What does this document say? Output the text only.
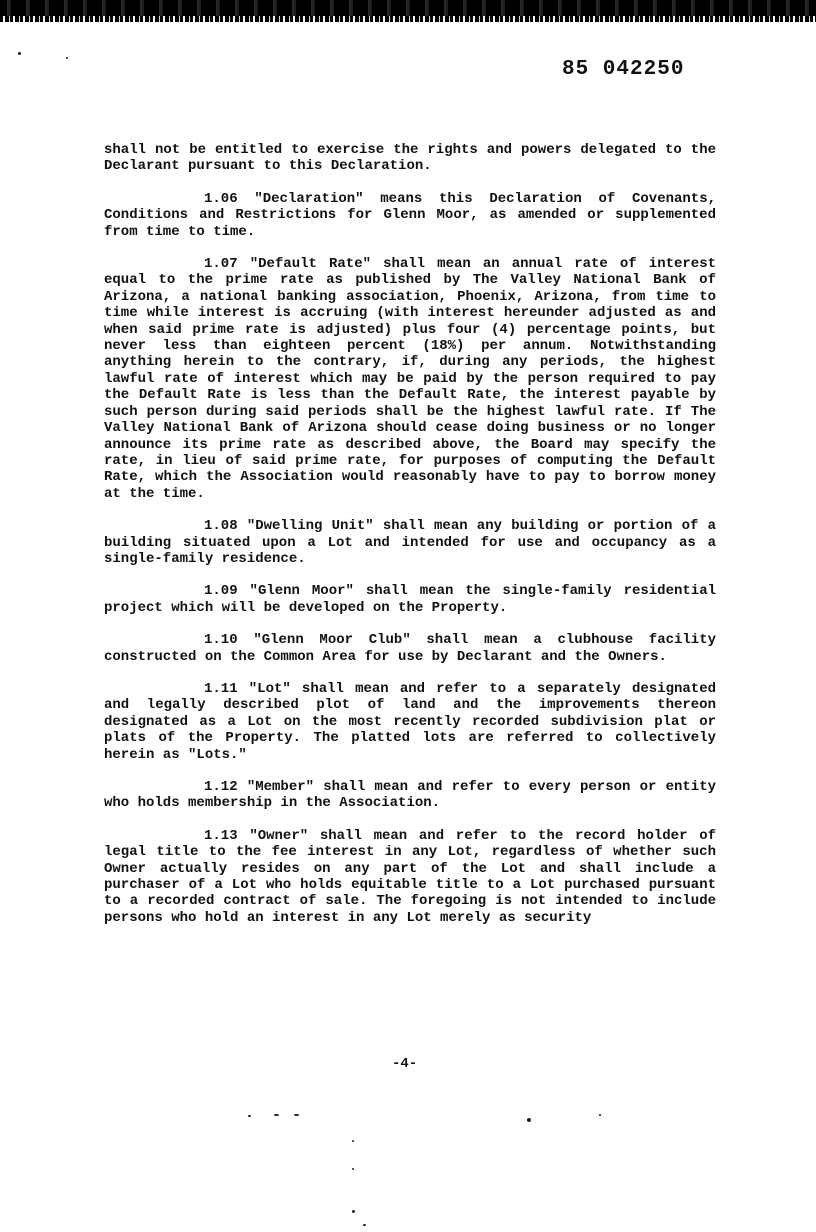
85 042250

shall not be entitled to exercise the rights and powers delegated to the Declarant pursuant to this Declaration.

1.06 "Declaration" means this Declaration of Covenants, Conditions and Restrictions for Glenn Moor, as amended or supplemented from time to time.

1.07 "Default Rate" shall mean an annual rate of interest equal to the prime rate as published by The Valley National Bank of Arizona, a national banking association, Phoenix, Arizona, from time to time while interest is accruing (with interest hereunder adjusted as and when said prime rate is adjusted) plus four (4) percentage points, but never less than eighteen percent (18%) per annum. Notwithstanding anything herein to the contrary, if, during any periods, the highest lawful rate of interest which may be paid by the person required to pay the Default Rate is less than the Default Rate, the interest payable by such person during said periods shall be the highest lawful rate. If The Valley National Bank of Arizona should cease doing business or no longer announce its prime rate as described above, the Board may specify the rate, in lieu of said prime rate, for purposes of computing the Default Rate, which the Association would reasonably have to pay to borrow money at the time.

1.08 "Dwelling Unit" shall mean any building or portion of a building situated upon a Lot and intended for use and occupancy as a single-family residence.

1.09 "Glenn Moor" shall mean the single-family residential project which will be developed on the Property.

1.10 "Glenn Moor Club" shall mean a clubhouse facility constructed on the Common Area for use by Declarant and the Owners.

1.11 "Lot" shall mean and refer to a separately designated and legally described plot of land and the improvements thereon designated as a Lot on the most recently recorded subdivision plat or plats of the Property. The platted lots are referred to collectively herein as "Lots."

1.12 "Member" shall mean and refer to every person or entity who holds membership in the Association.

1.13 "Owner" shall mean and refer to the record holder of legal title to the fee interest in any Lot, regardless of whether such Owner actually resides on any part of the Lot and shall include a purchaser of a Lot who holds equitable title to a Lot purchased pursuant to a recorded contract of sale. The foregoing is not intended to include persons who hold an interest in any Lot merely as security

-4-
